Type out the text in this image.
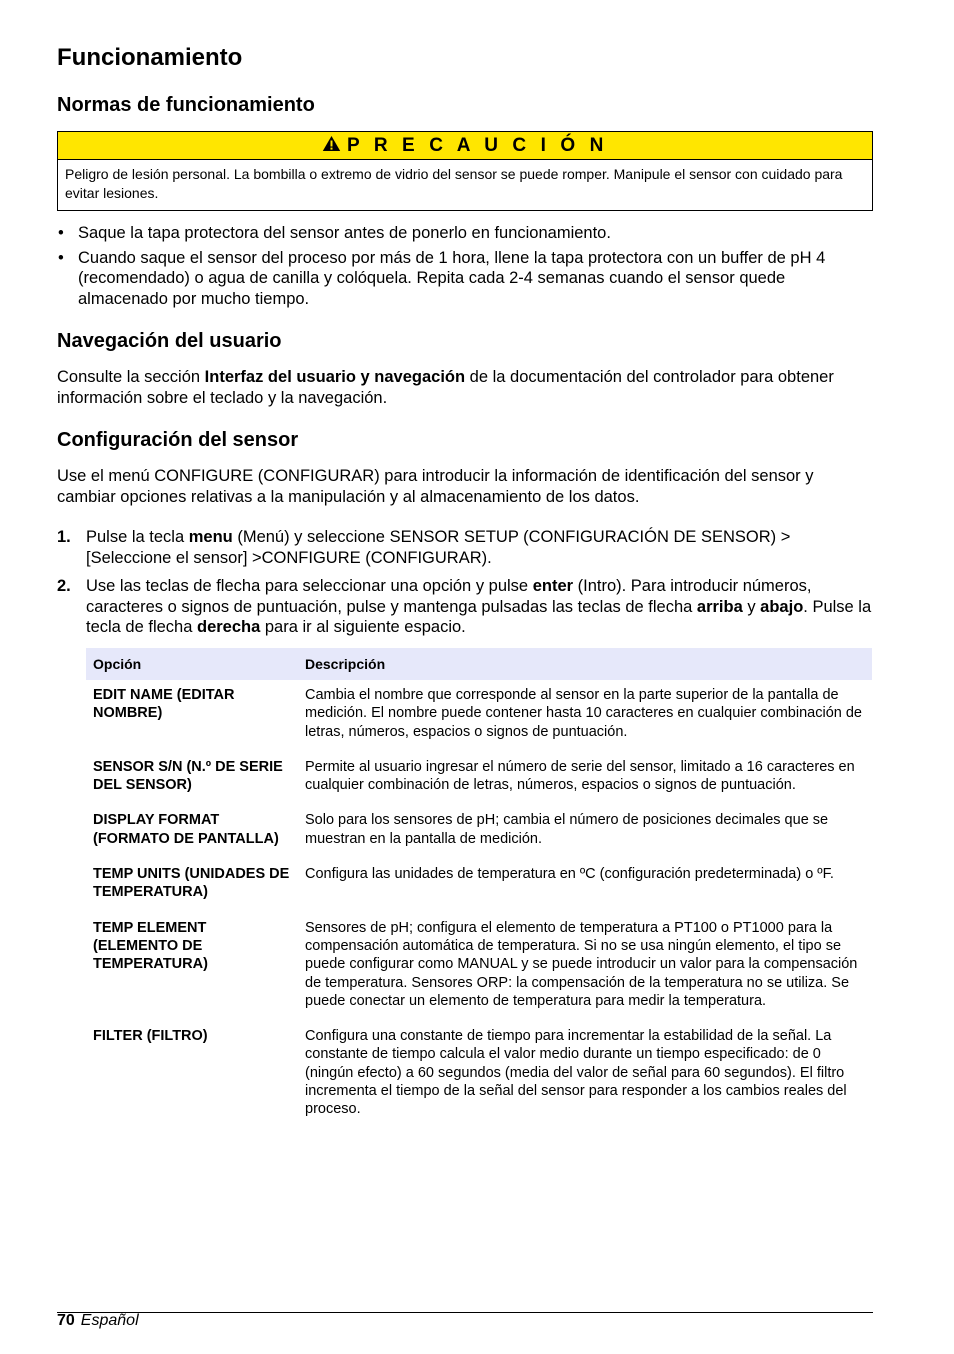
Funcionamiento
Normas de funcionamiento
P R E C A U C I Ó N
Peligro de lesión personal. La bombilla o extremo de vidrio del sensor se puede romper. Manipule el sensor con cuidado para evitar lesiones.
• Saque la tapa protectora del sensor antes de ponerlo en funcionamiento.
• Cuando saque el sensor del proceso por más de 1 hora, llene la tapa protectora con un buffer de pH 4 (recomendado) o agua de canilla y colóquela. Repita cada 2-4 semanas cuando el sensor quede almacenado por mucho tiempo.
Navegación del usuario

Consulte la sección Interfaz del usuario y navegación de la documentación del controlador para obtener información sobre el teclado y la navegación.

Configuración del sensor

Use el menú CONFIGURE (CONFIGURAR) para introducir la información de identificación del sensor y cambiar opciones relativas a la manipulación y al almacenamiento de los datos.

1. Pulse la tecla menu (Menú) y seleccione SENSOR SETUP (CONFIGURACIÓN DE SENSOR) > [Seleccione el sensor] >CONFIGURE (CONFIGURAR).
2. Use las teclas de flecha para seleccionar una opción y pulse enter (Intro). Para introducir números, caracteres o signos de puntuación, pulse y mantenga pulsadas las teclas de flecha arriba y abajo. Pulse la tecla de flecha derecha para ir al siguiente espacio.
Opción	Descripción
EDIT NAME (EDITAR NOMBRE)	Cambia el nombre que corresponde al sensor en la parte superior de la pantalla de medición. El nombre puede contener hasta 10 caracteres en cualquier combinación de letras, números, espacios o signos de puntuación.
SENSOR S/N (N.º DE SERIE DEL SENSOR)	Permite al usuario ingresar el número de serie del sensor, limitado a 16 caracteres en cualquier combinación de letras, números, espacios o signos de puntuación.
DISPLAY FORMAT (FORMATO DE PANTALLA)	Solo para los sensores de pH; cambia el número de posiciones decimales que se muestran en la pantalla de medición.
TEMP UNITS (UNIDADES DE TEMPERATURA)	Configura las unidades de temperatura en ºC (configuración predeterminada) o ºF.
TEMP ELEMENT (ELEMENTO DE TEMPERATURA)	Sensores de pH; configura el elemento de temperatura a PT100 o PT1000 para la compensación automática de temperatura. Si no se usa ningún elemento, el tipo se puede configurar como MANUAL y se puede introducir un valor para la compensación de temperatura. Sensores ORP: la compensación de la temperatura no se utiliza. Se puede conectar un elemento de temperatura para medir la temperatura.
FILTER (FILTRO)	Configura una constante de tiempo para incrementar la estabilidad de la señal. La constante de tiempo calcula el valor medio durante un tiempo especificado: de 0 (ningún efecto) a 60 segundos (media del valor de señal para 60 segundos). El filtro incrementa el tiempo de la señal del sensor para responder a los cambios reales del proceso.
70 Español
